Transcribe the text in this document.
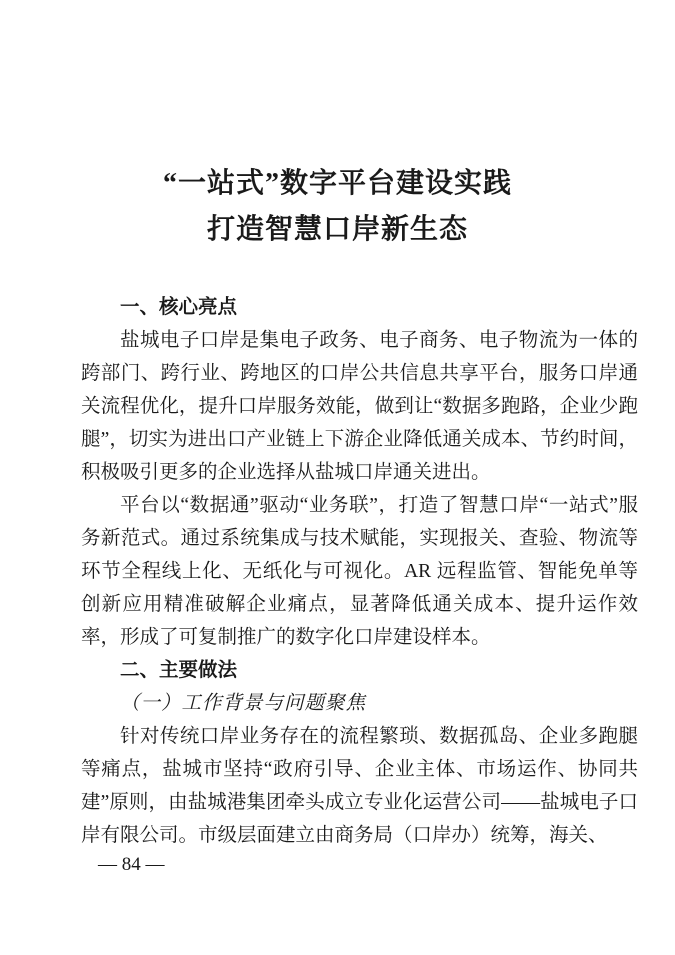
“一站式”数字平台建设实践
打造智慧口岸新生态
一、核心亮点

盐城电子口岸是集电子政务、电子商务、电子物流为一体的跨部门、跨行业、跨地区的口岸公共信息共享平台，服务口岸通关流程优化，提升口岸服务效能，做到让“数据多跑路，企业少跑腿”，切实为进出口产业链上下游企业降低通关成本、节约时间，积极吸引更多的企业选择从盐城口岸通关进出。

平台以“数据通”驱动“业务联”，打造了智慧口岸“一站式”服务新范式。通过系统集成与技术赋能，实现报关、查验、物流等环节全程线上化、无纸化与可视化。AR 远程监管、智能免单等创新应用精准破解企业痛点，显著降低通关成本、提升运作效率，形成了可复制推广的数字化口岸建设样本。

二、主要做法
（一）工作背景与问题聚焦

针对传统口岸业务存在的流程繁琐、数据孤岛、企业多跑腿等痛点，盐城市坚持“政府引导、企业主体、市场运作、协同共建”原则，由盐城港集团牵头成立专业化运营公司——盐城电子口岸有限公司。市级层面建立由商务局（口岸办）统筹，海关、

— 84 —
